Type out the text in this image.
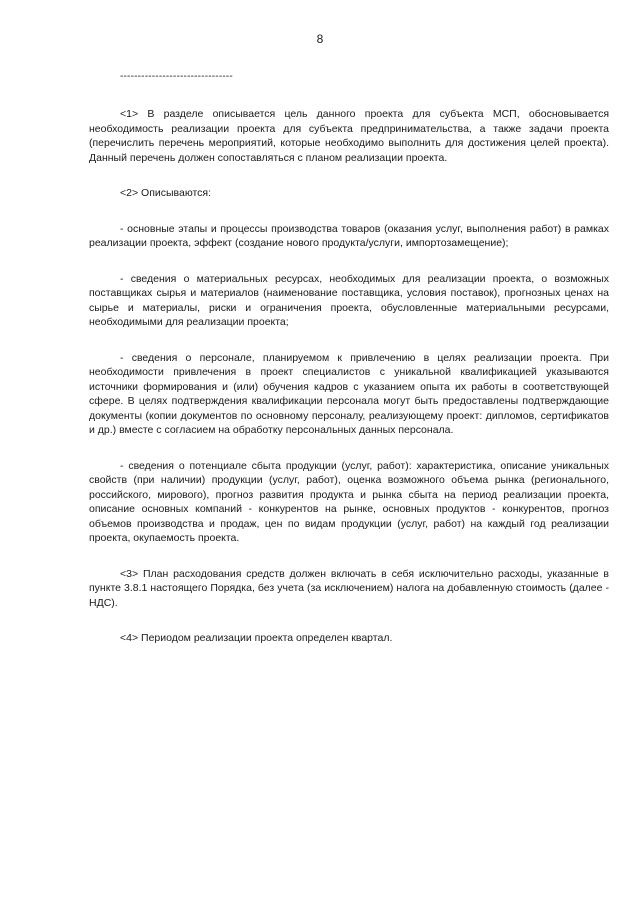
8
--------------------------------

<1> В разделе описывается цель данного проекта для субъекта МСП, обосновывается необходимость реализации проекта для субъекта предпринимательства, а также задачи проекта (перечислить перечень мероприятий, которые необходимо выполнить для достижения целей проекта). Данный перечень должен сопоставляться с планом реализации проекта.

<2> Описываются:

- основные этапы и процессы производства товаров (оказания услуг, выполнения работ) в рамках реализации проекта, эффект (создание нового продукта/услуги, импортозамещение);

- сведения о материальных ресурсах, необходимых для реализации проекта, о возможных поставщиках сырья и материалов (наименование поставщика, условия поставок), прогнозных ценах на сырье и материалы, риски и ограничения проекта, обусловленные материальными ресурсами, необходимыми для реализации проекта;

- сведения о персонале, планируемом к привлечению в целях реализации проекта. При необходимости привлечения в проект специалистов с уникальной квалификацией указываются источники формирования и (или) обучения кадров с указанием опыта их работы в соответствующей сфере. В целях подтверждения квалификации персонала могут быть предоставлены подтверждающие документы (копии документов по основному персоналу, реализующему проект: дипломов, сертификатов и др.) вместе с согласием на обработку персональных данных персонала.

- сведения о потенциале сбыта продукции (услуг, работ): характеристика, описание уникальных свойств (при наличии) продукции (услуг, работ), оценка возможного объема рынка (регионального, российского, мирового), прогноз развития продукта и рынка сбыта на период реализации проекта, описание основных компаний - конкурентов на рынке, основных продуктов - конкурентов, прогноз объемов производства и продаж, цен по видам продукции (услуг, работ) на каждый год реализации проекта, окупаемость проекта.

<3> План расходования средств должен включать в себя исключительно расходы, указанные в пункте 3.8.1 настоящего Порядка, без учета (за исключением) налога на добавленную стоимость (далее - НДС).

<4> Периодом реализации проекта определен квартал.
